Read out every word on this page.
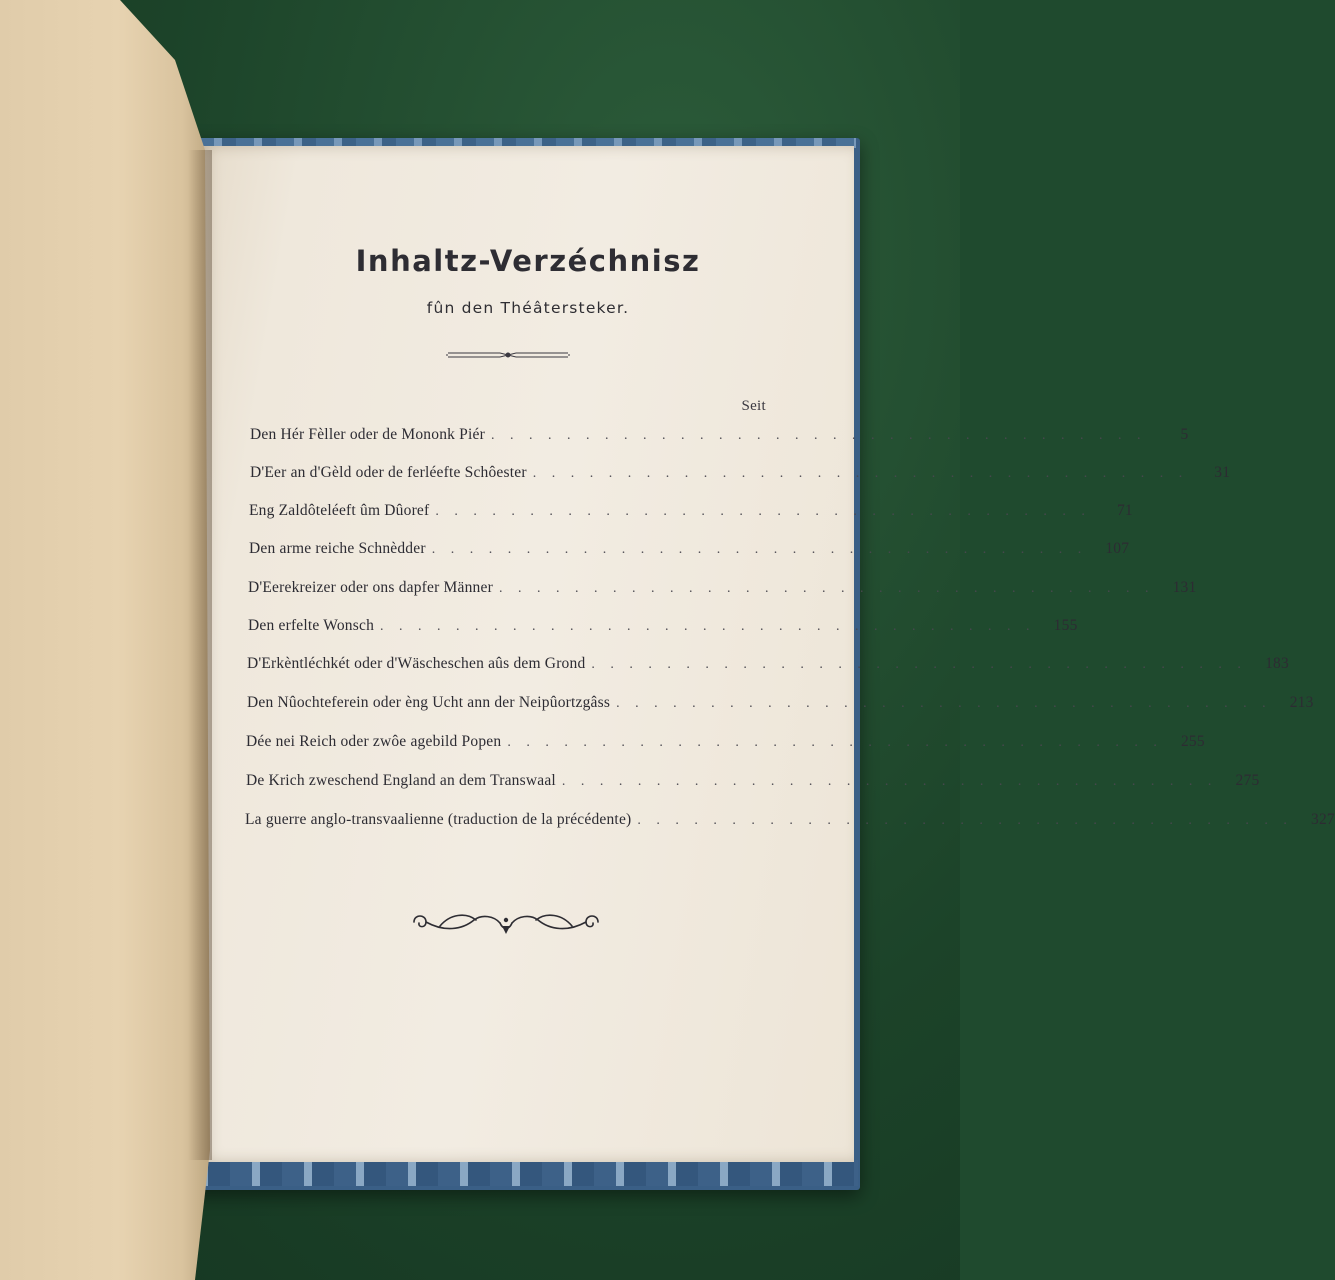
Inhaltz-Verzéchnisz
fûn den Théâtersteker.
Seit
Den Hér Fèller oder de Mononk Piér . . . . . . . . . . . . . . . . . . . . . . . . . . . . . . . . . . .	5
D'Eer an d'Gèld oder de ferléefte Schôester . . . . . . . . . . . . . . . . . . . . . . . . . . . . . . . . . . .	31
Eng Zaldôteléeft ûm Dûoref . . . . . . . . . . . . . . . . . . . . . . . . . . . . . . . . . . .	71
Den arme reiche Schnèdder . . . . . . . . . . . . . . . . . . . . . . . . . . . . . . . . . . .	107
D'Eerekreizer oder ons dapfer Männer . . . . . . . . . . . . . . . . . . . . . . . . . . . . . . . . . . .	131
Den erfelte Wonsch . . . . . . . . . . . . . . . . . . . . . . . . . . . . . . . . . . .	155
D'Erkèntléchkét oder d'Wäscheschen aûs dem Grond . . . . . . . . . . . . . . . . . . . . . . . . . . . . . . . . . . .	183
Den Nûochteferein oder èng Ucht ann der Neipûortzgâss . . . . . . . . . . . . . . . . . . . . . . . . . . . . . . . . . . .	213
Dée nei Reich oder zwôe agebild Popen . . . . . . . . . . . . . . . . . . . . . . . . . . . . . . . . . . .	255
De Krich zweschend England an dem Transwaal . . . . . . . . . . . . . . . . . . . . . . . . . . . . . . . . . . .	275
La guerre anglo-transvaalienne (traduction de la précédente) . . . . . . . . . . . . . . . . . . . . . . . . . . . . . . . . . . .	327
